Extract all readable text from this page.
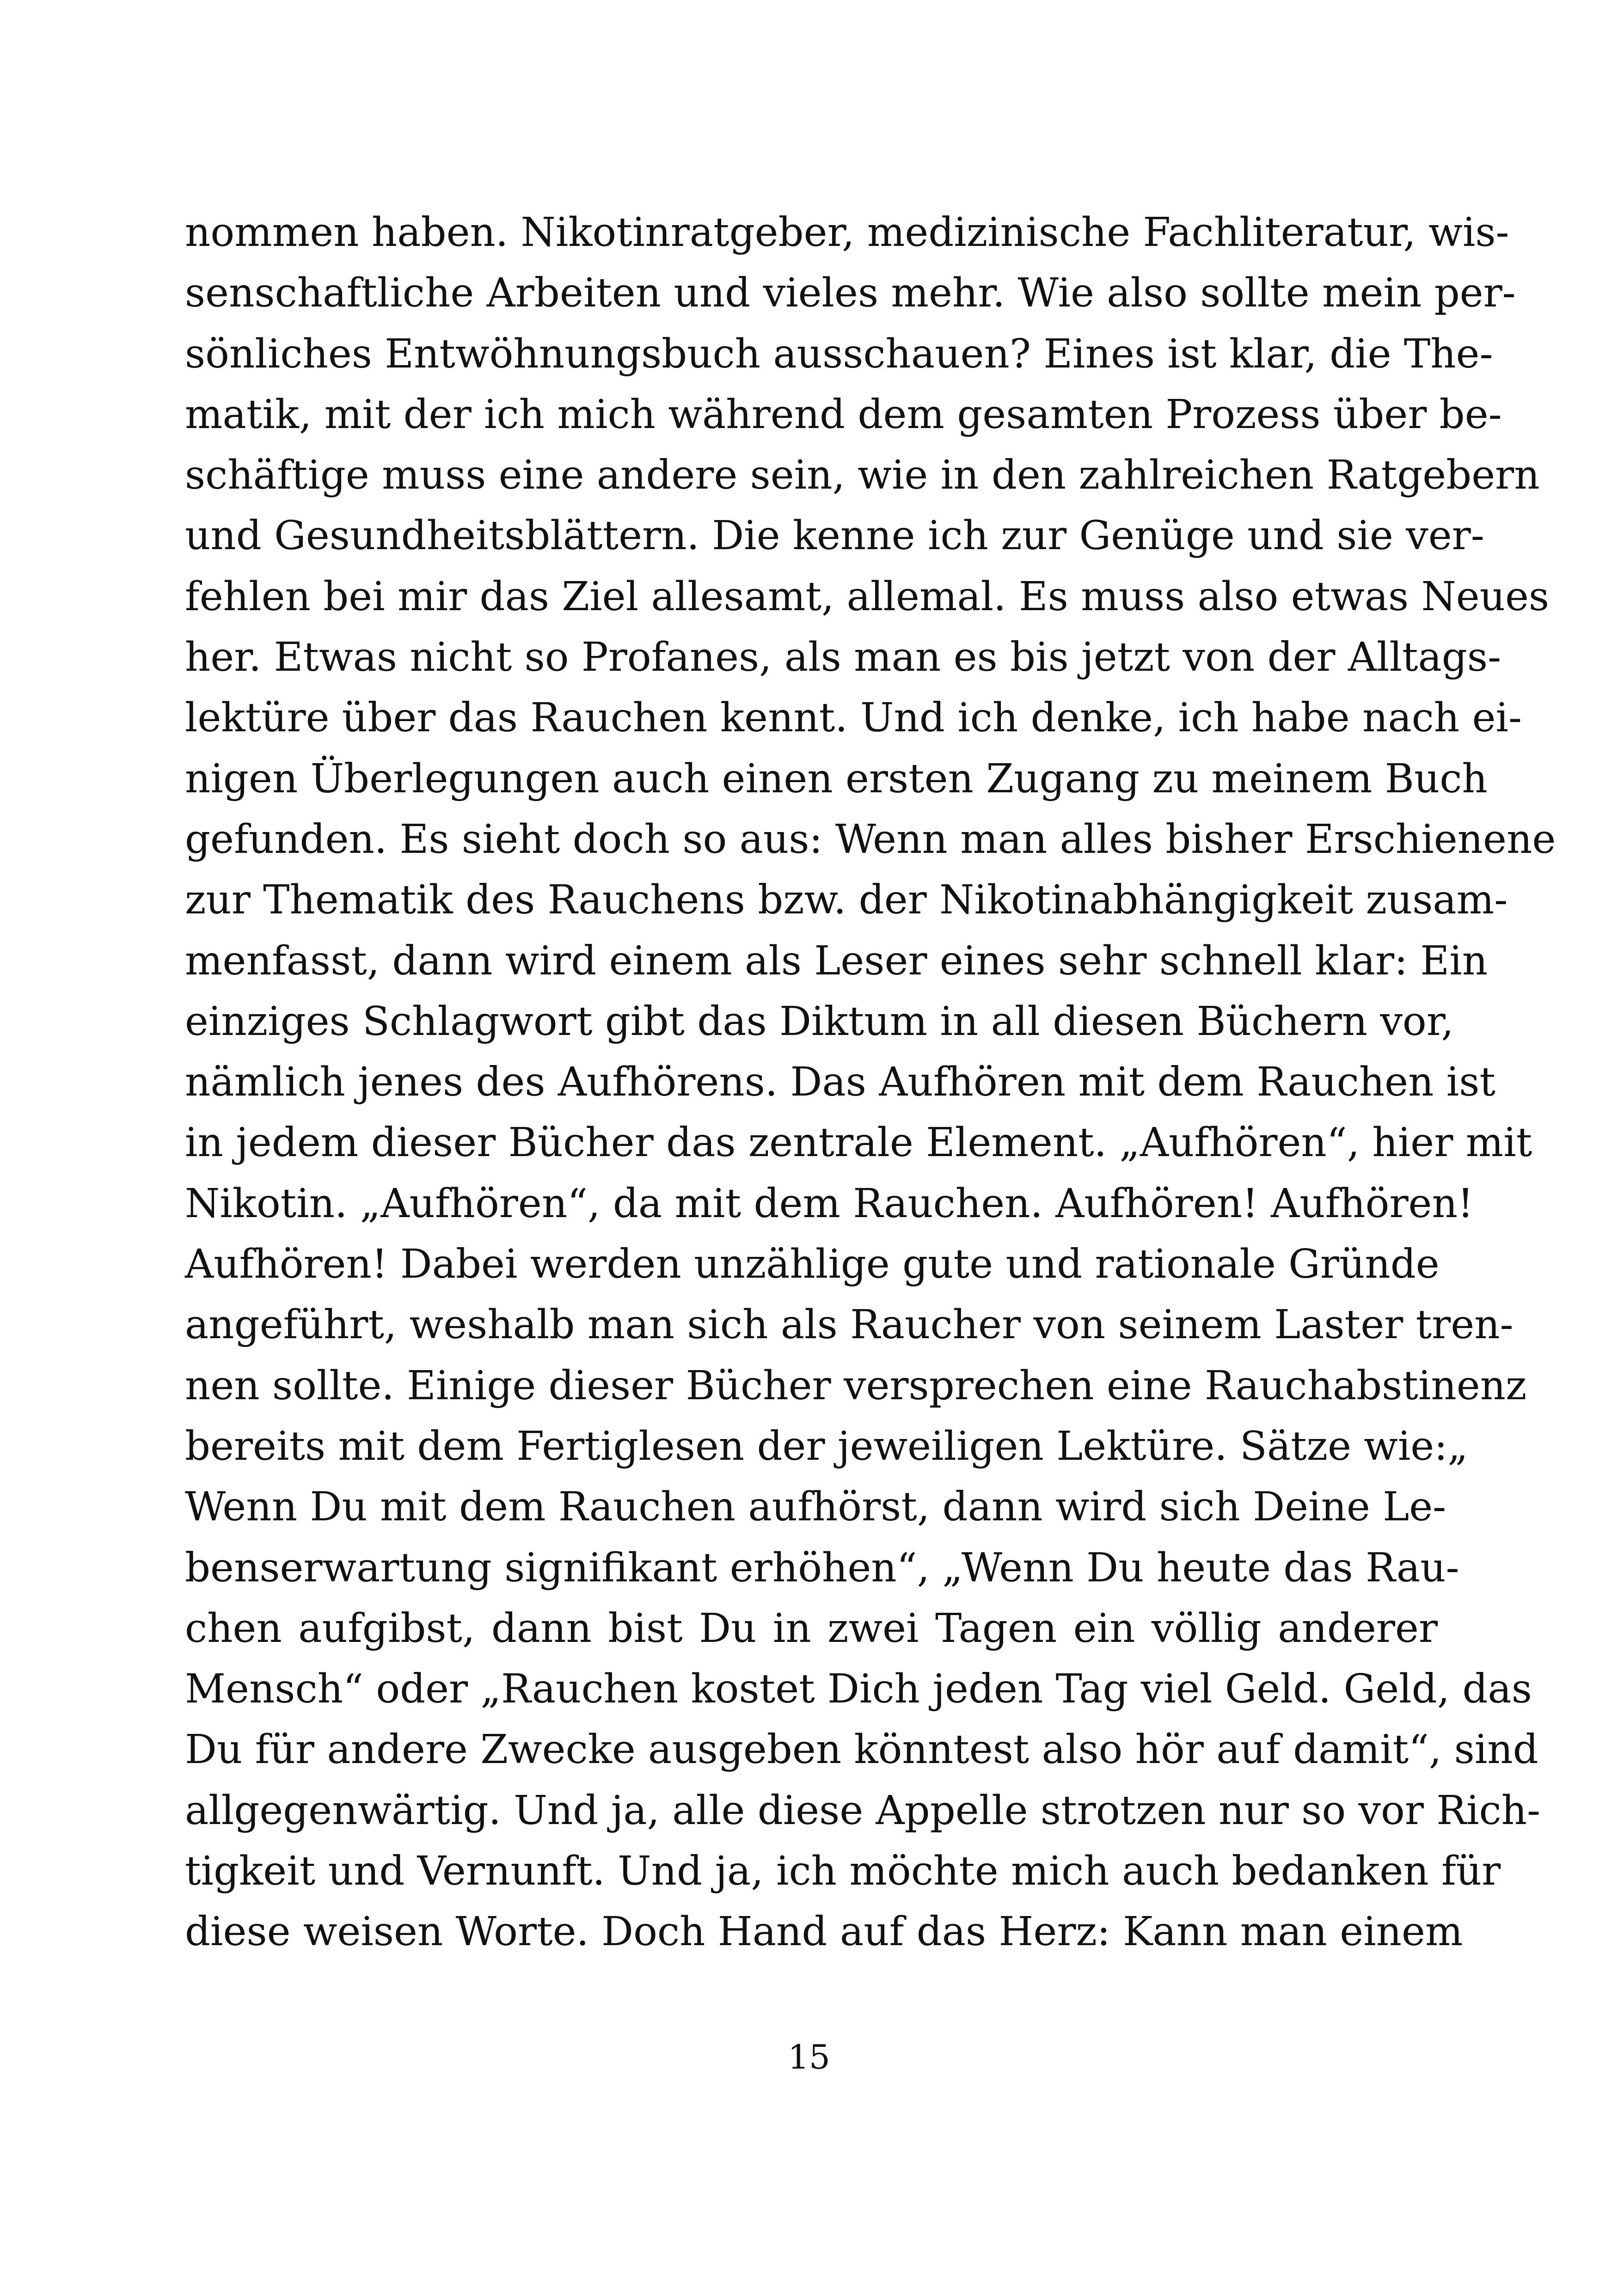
nommen haben. Nikotinratgeber, medizinische Fachliteratur, wis-
senschaftliche Arbeiten und vieles mehr. Wie also sollte mein per-
sönliches Entwöhnungsbuch ausschauen? Eines ist klar, die The-
matik, mit der ich mich während dem gesamten Prozess über be-
schäftige muss eine andere sein, wie in den zahlreichen Ratgebern
und Gesundheitsblättern. Die kenne ich zur Genüge und sie ver-
fehlen bei mir das Ziel allesamt, allemal. Es muss also etwas Neues
her. Etwas nicht so Profanes, als man es bis jetzt von der Alltags-
lektüre über das Rauchen kennt. Und ich denke, ich habe nach ei-
nigen Überlegungen auch einen ersten Zugang zu meinem Buch
gefunden. Es sieht doch so aus: Wenn man alles bisher Erschienene
zur Thematik des Rauchens bzw. der Nikotinabhängigkeit zusam-
menfasst, dann wird einem als Leser eines sehr schnell klar: Ein
einziges Schlagwort gibt das Diktum in all diesen Büchern vor,
nämlich jenes des Aufhörens. Das Aufhören mit dem Rauchen ist
in jedem dieser Bücher das zentrale Element. „Aufhören“, hier mit
Nikotin. „Aufhören“, da mit dem Rauchen. Aufhören! Aufhören!
Aufhören! Dabei werden unzählige gute und rationale Gründe
angeführt, weshalb man sich als Raucher von seinem Laster tren-
nen sollte. Einige dieser Bücher versprechen eine Rauchabstinenz
bereits mit dem Fertiglesen der jeweiligen Lektüre. Sätze wie:„
Wenn Du mit dem Rauchen aufhörst, dann wird sich Deine Le-
benserwartung signifikant erhöhen“, „Wenn Du heute das Rau-
chen aufgibst, dann bist Du in zwei Tagen ein völlig anderer
Mensch“ oder „Rauchen kostet Dich jeden Tag viel Geld. Geld, das
Du für andere Zwecke ausgeben könntest also hör auf damit“, sind
allgegenwärtig. Und ja, alle diese Appelle strotzen nur so vor Rich-
tigkeit und Vernunft. Und ja, ich möchte mich auch bedanken für
diese weisen Worte. Doch Hand auf das Herz: Kann man einem
15
